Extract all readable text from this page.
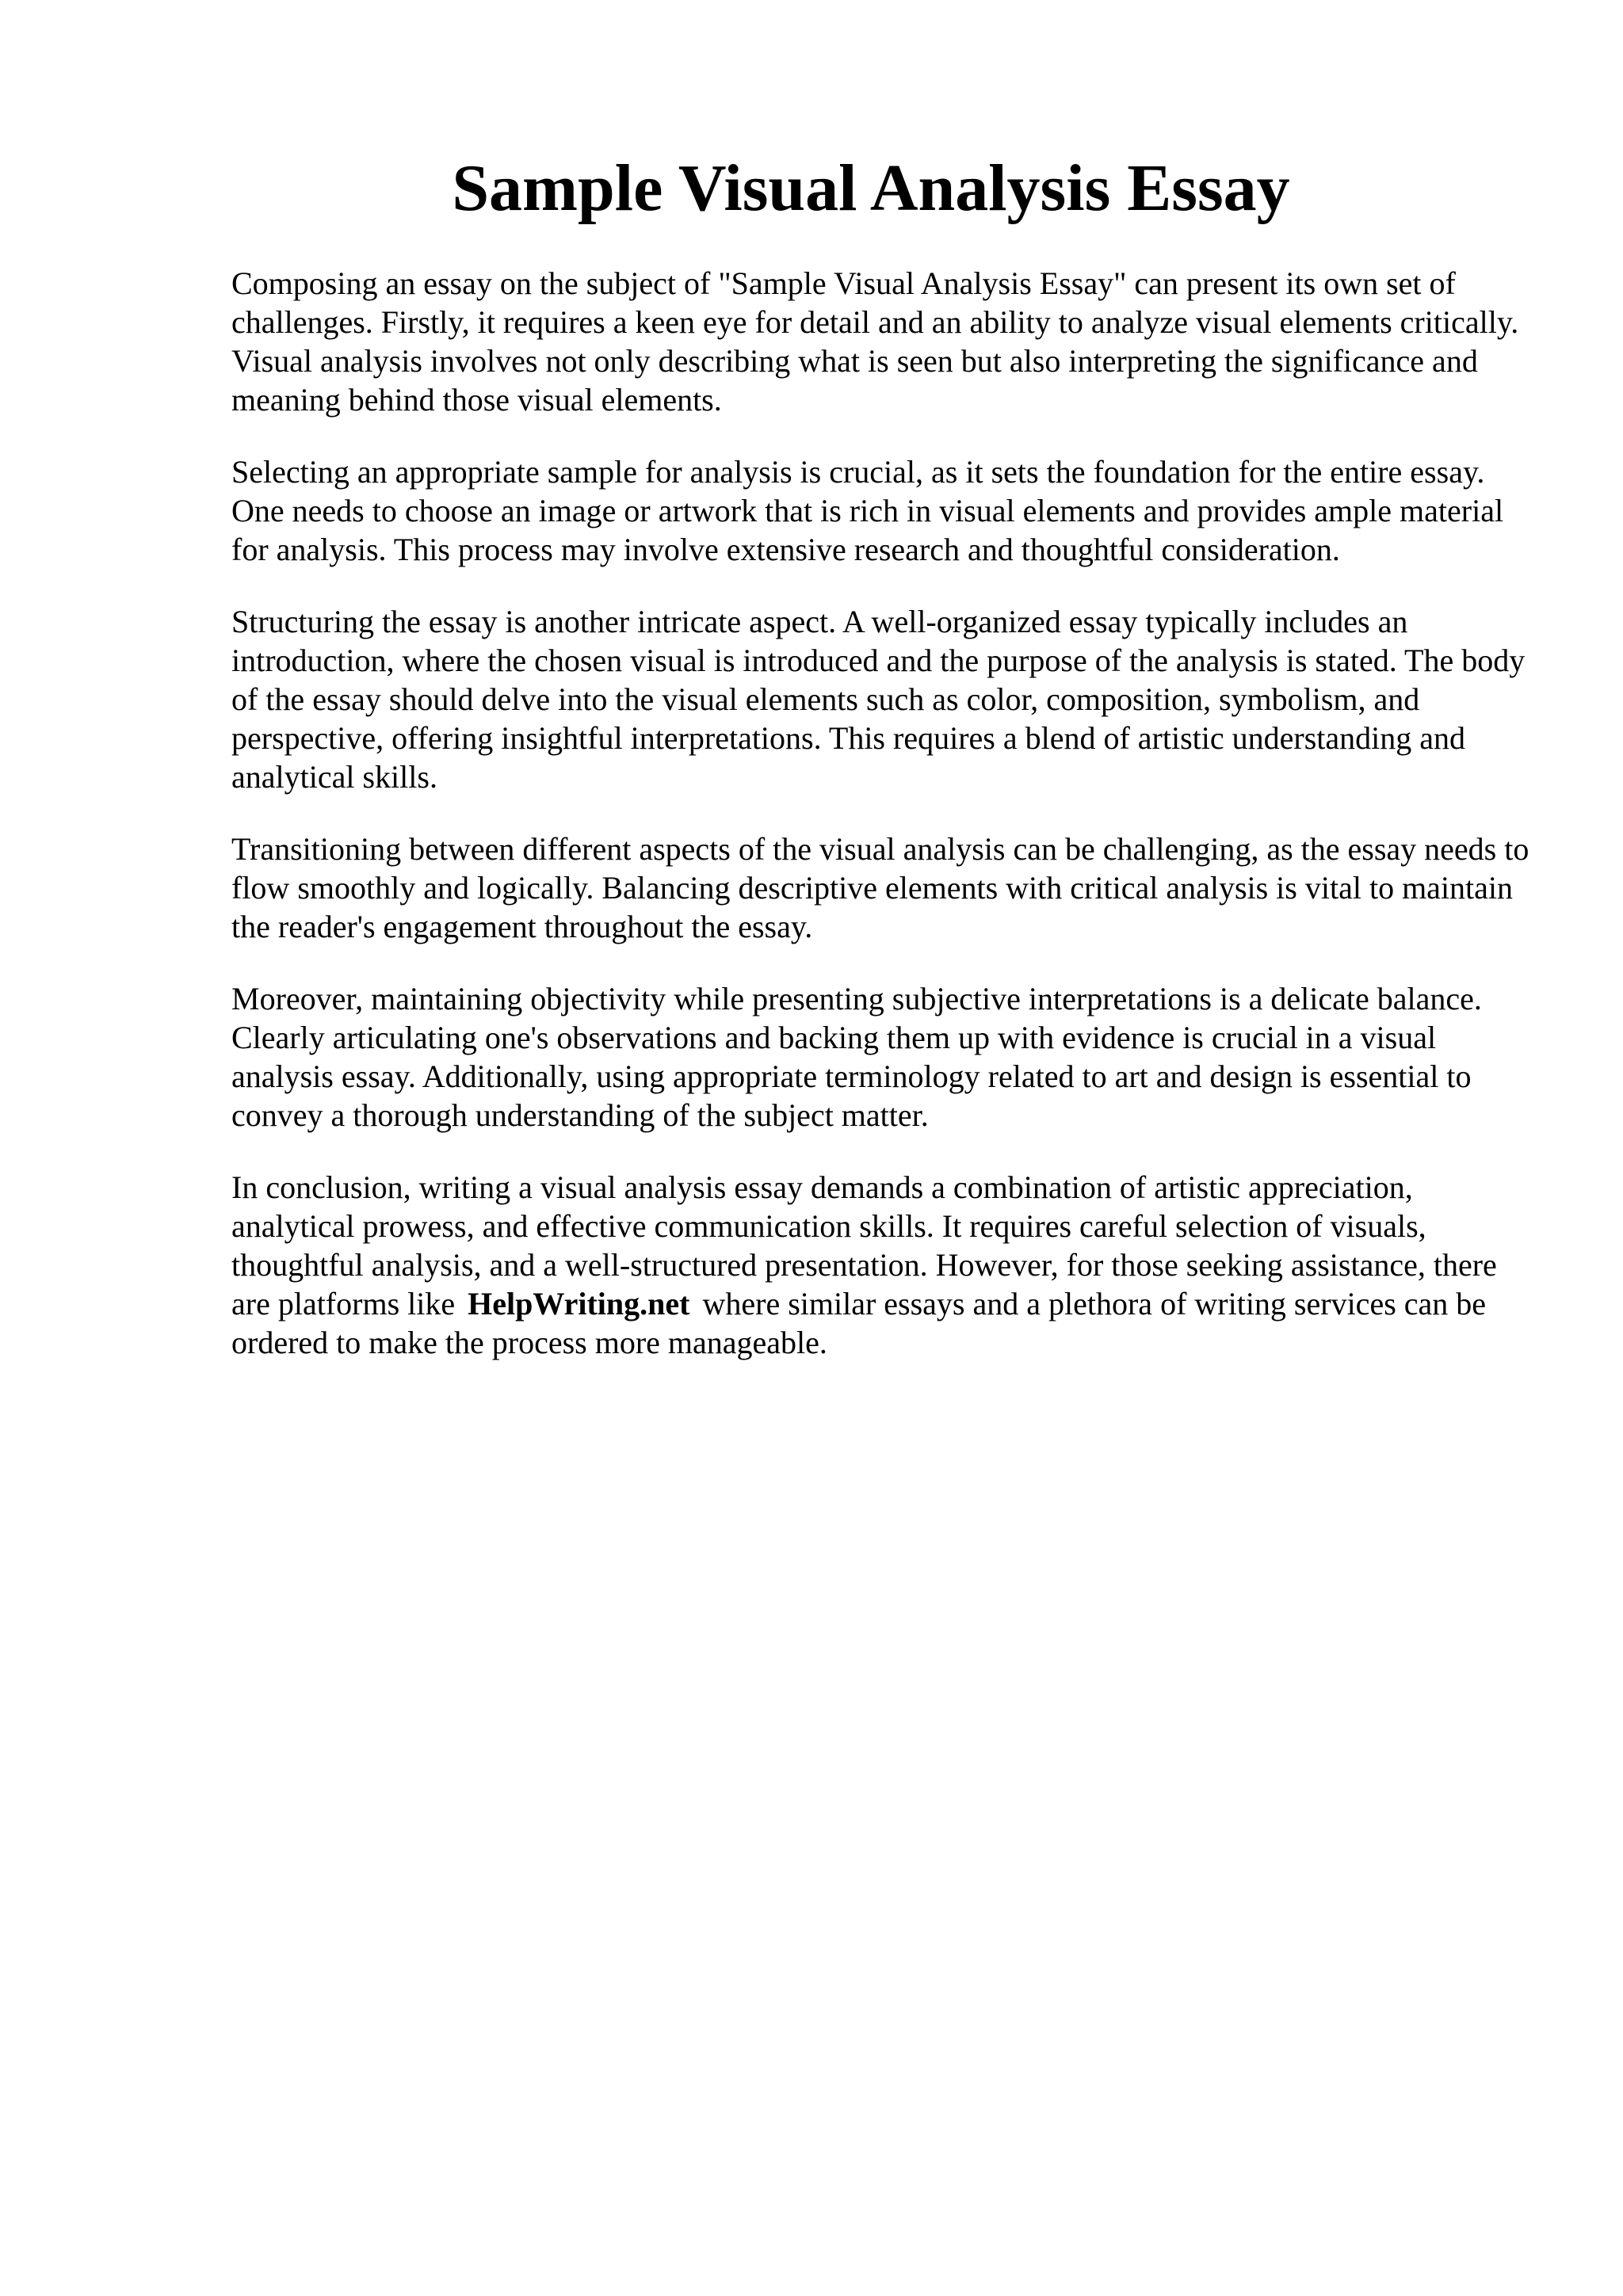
Sample Visual Analysis Essay

Composing an essay on the subject of "Sample Visual Analysis Essay" can present its own set of challenges. Firstly, it requires a keen eye for detail and an ability to analyze visual elements critically. Visual analysis involves not only describing what is seen but also interpreting the significance and meaning behind those visual elements.

Selecting an appropriate sample for analysis is crucial, as it sets the foundation for the entire essay. One needs to choose an image or artwork that is rich in visual elements and provides ample material for analysis. This process may involve extensive research and thoughtful consideration.

Structuring the essay is another intricate aspect. A well-organized essay typically includes an introduction, where the chosen visual is introduced and the purpose of the analysis is stated. The body of the essay should delve into the visual elements such as color, composition, symbolism, and perspective, offering insightful interpretations. This requires a blend of artistic understanding and analytical skills.

Transitioning between different aspects of the visual analysis can be challenging, as the essay needs to flow smoothly and logically. Balancing descriptive elements with critical analysis is vital to maintain the reader's engagement throughout the essay.

Moreover, maintaining objectivity while presenting subjective interpretations is a delicate balance. Clearly articulating one's observations and backing them up with evidence is crucial in a visual analysis essay. Additionally, using appropriate terminology related to art and design is essential to convey a thorough understanding of the subject matter.

In conclusion, writing a visual analysis essay demands a combination of artistic appreciation, analytical prowess, and effective communication skills. It requires careful selection of visuals, thoughtful analysis, and a well-structured presentation. However, for those seeking assistance, there are platforms like HelpWriting.net where similar essays and a plethora of writing services can be ordered to make the process more manageable.
